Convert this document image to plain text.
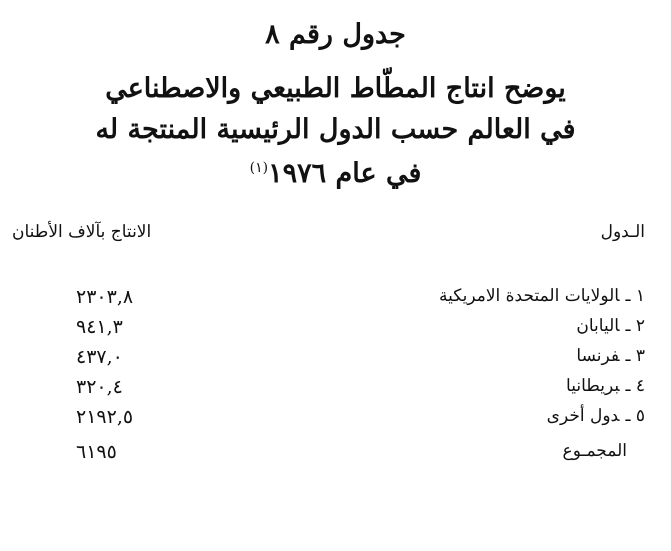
جدول رقم ٨
يوضح انتاج المطّاط الطبيعي والاصطناعي
في العالم حسب الدول الرئيسية المنتجة له
في عام ١٩٧٦$^{(١)}$
الـدول
الانتاج بآلاف الأطنان
١ ـالولايات المتحدة الامريكية
٢٣٠٣,٨
٢ ـاليابان
٩٤١,٣
٣ ـفرنسا
٤٣٧,٠
٤ ـبريطانيا
٣٢٠,٤
٥ ـدول أخرى
٢١٩٢,٥
المجمـوع
٦١٩٥
